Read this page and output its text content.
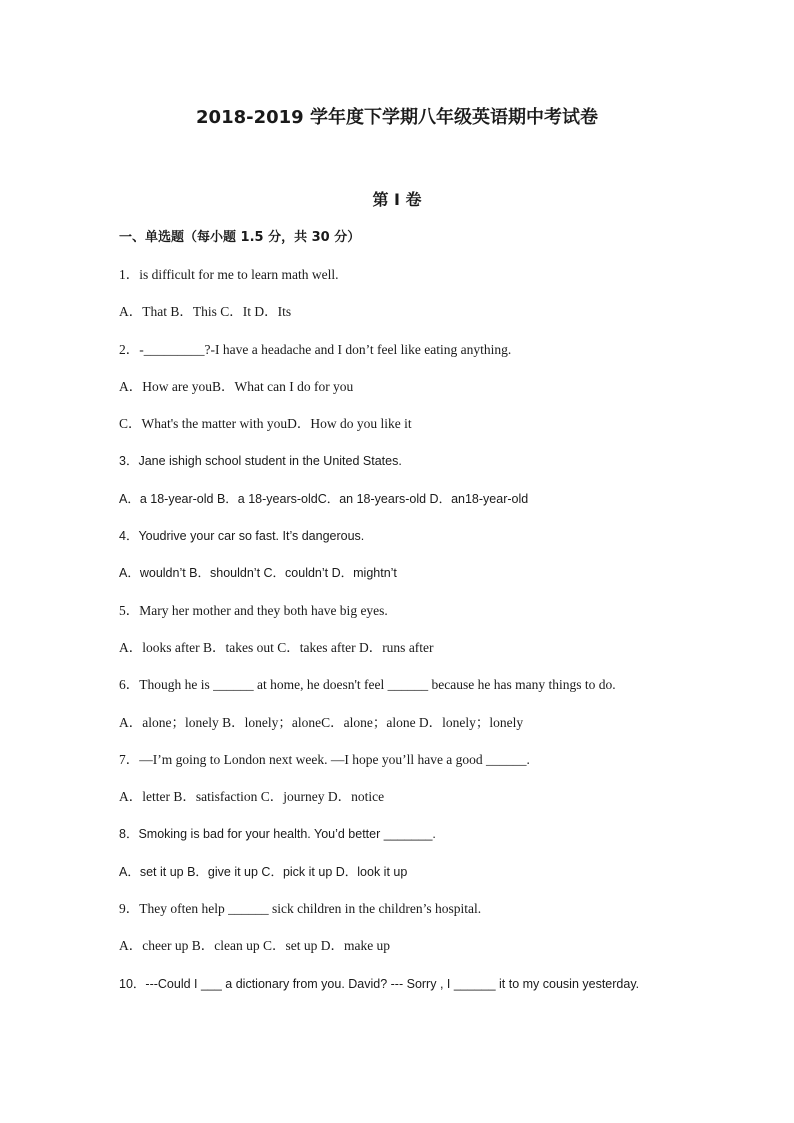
2018-2019 学年度下学期八年级英语期中考试卷
第 I 卷
一、单选题（每小题 1.5 分，共 30 分）
1．is difficult for me to learn math well.
A．That B．This C．It D．Its
2．-_________?-I have a headache and I don’t feel like eating anything.
A．How are youB．What can I do for you
C．What's the matter with youD．How do you like it
3．Jane ishigh school student in the United States.
A．a 18-year-old B．a 18-years-oldC．an 18-years-old D．an18-year-old
4．Youdrive your car so fast. It’s dangerous.
A．wouldn’t B．shouldn’t C．couldn’t D．mightn’t
5．Mary her mother and they both have big eyes.
A．looks after B．takes out C．takes after D．runs after
6．Though he is ______ at home, he doesn't feel ______ because he has many things to do.
A．alone；lonely B．lonely；aloneC．alone；alone D．lonely；lonely
7．—I’m going to London next week. —I hope you’ll have a good ______.
A．letter B．satisfaction C．journey D．notice
8．Smoking is bad for your health. You’d better _______.
A．set it up B．give it up C．pick it up D．look it up
9．They often help ______ sick children in the children’s hospital.
A．cheer up B．clean up C．set up D．make up
10．---Could I ___ a dictionary from you. David? --- Sorry , I ______ it to my cousin yesterday.
